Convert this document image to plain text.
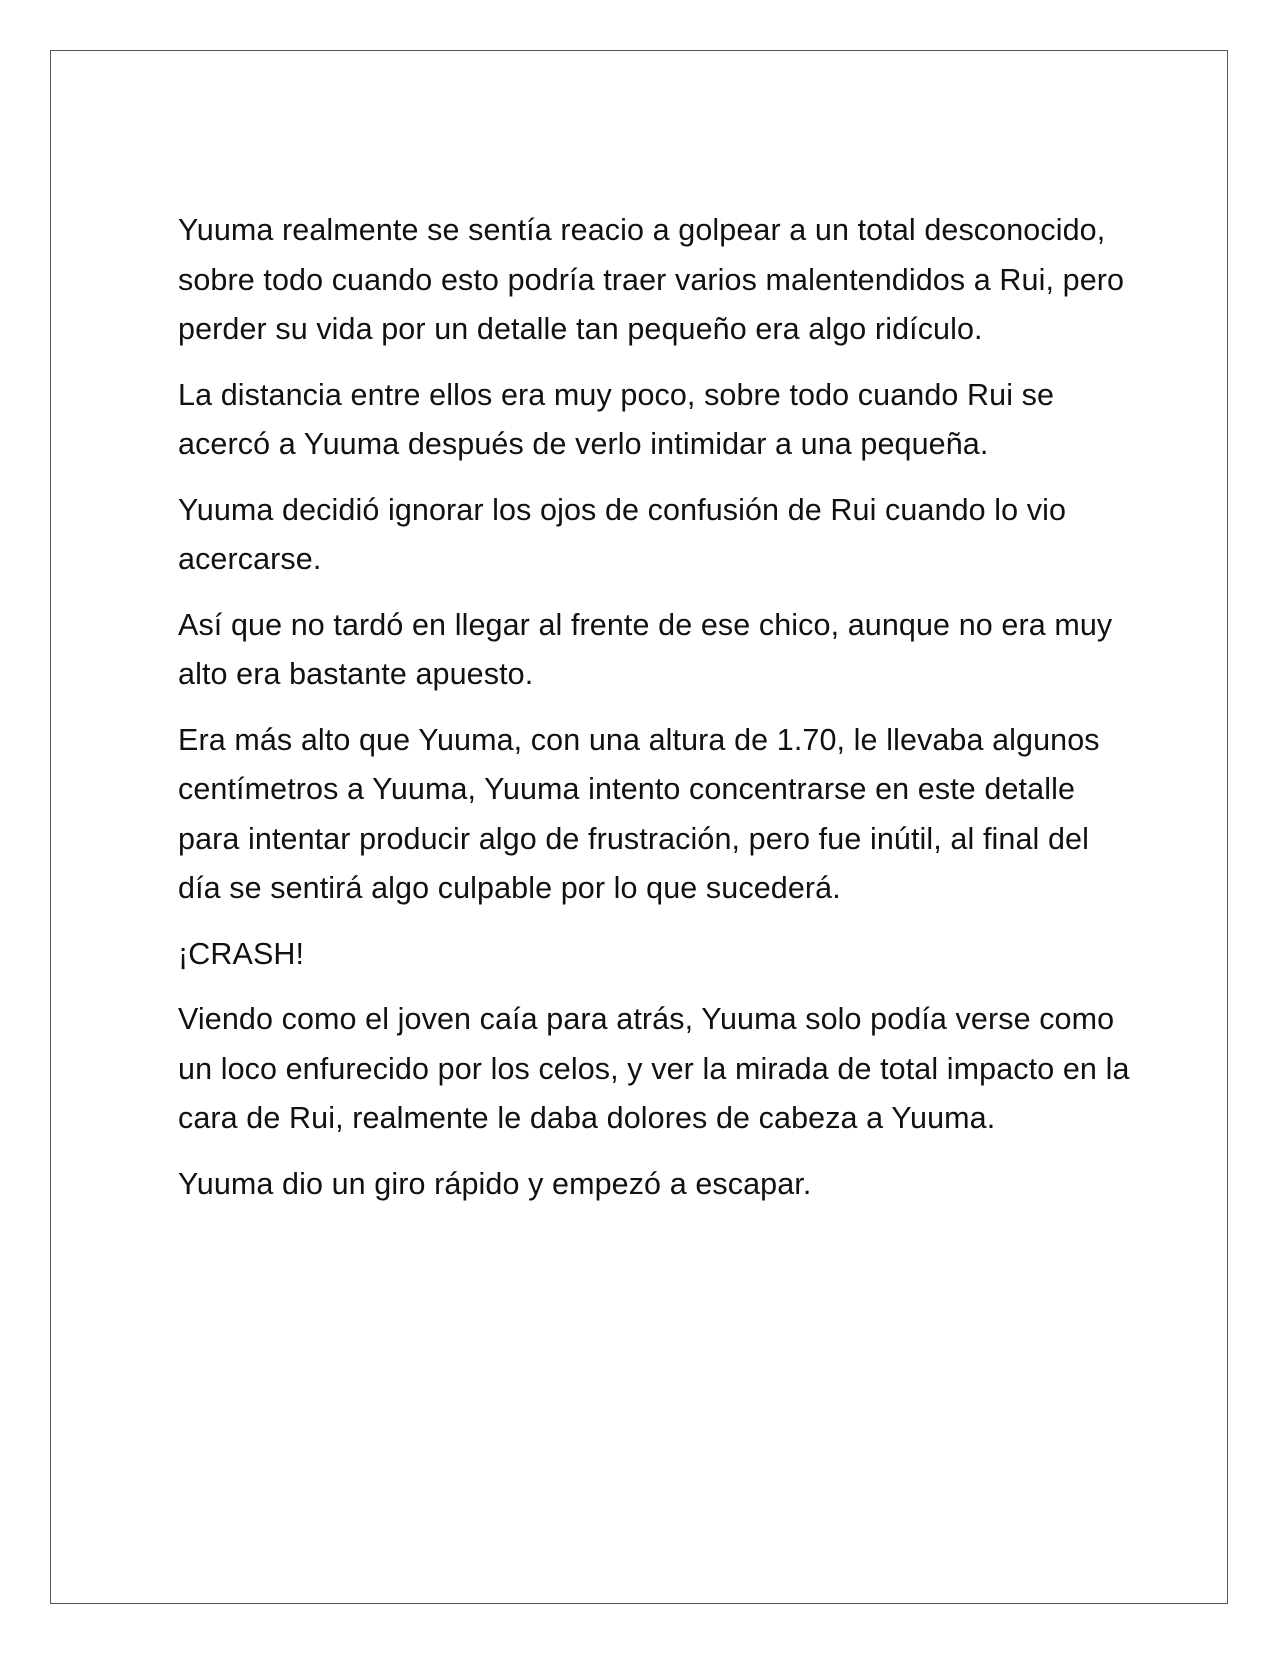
Yuuma realmente se sentía reacio a golpear a un total desconocido, sobre todo cuando esto podría traer varios malentendidos a Rui, pero perder su vida por un detalle tan pequeño era algo ridículo.

La distancia entre ellos era muy poco, sobre todo cuando Rui se acercó a Yuuma después de verlo intimidar a una pequeña.

Yuuma decidió ignorar los ojos de confusión de Rui cuando lo vio acercarse.

Así que no tardó en llegar al frente de ese chico, aunque no era muy alto era bastante apuesto.

Era más alto que Yuuma, con una altura de 1.70, le llevaba algunos centímetros a Yuuma, Yuuma intento concentrarse en este detalle para intentar producir algo de frustración, pero fue inútil, al final del día se sentirá algo culpable por lo que sucederá.

¡CRASH!

Viendo como el joven caía para atrás, Yuuma solo podía verse como un loco enfurecido por los celos, y ver la mirada de total impacto en la cara de Rui, realmente le daba dolores de cabeza a Yuuma.

Yuuma dio un giro rápido y empezó a escapar.
